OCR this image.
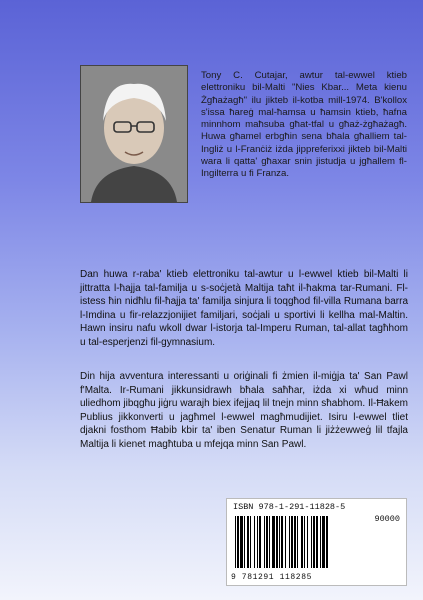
Tony C. Cutajar, awtur tal-ewwel ktieb elettroniku bil-Malti "Nies Kbar... Meta kienu Żgħażagħ" ilu jikteb il-kotba mill-1974. B'kollox s'issa ħareġ mal-ħamsa u ħamsin ktieb, ħafna minnhom maħsuba għat-tfal u għaż-żgħażagħ. Huwa għamel erbgħin sena bħala għalliem tal-Ingliż u l-Franċiż iżda jippreferixxi jikteb bil-Malti wara li qatta' għaxar snin jistudja u jgħallem fl-Ingilterra u fi Franza.
Dan huwa r-raba' ktieb elettroniku tal-awtur u l-ewwel ktieb bil-Malti li jittratta l-ħajja tal-familja u s-soċjetà Maltija taħt il-ħakma tar-Rumani. Fl-istess ħin nidħlu fil-ħajja ta' familja sinjura li toqgħod fil-villa Rumana barra l-Imdina u fir-relazzjonijiet familjari, soċjali u sportivi li kellha mal-Maltin. Hawn insiru nafu wkoll dwar l-istorja tal-Imperu Ruman, tal-allat tagħhom u tal-esperjenzi fil-gymnasium.
Din hija avventura interessanti u oriġinali fi żmien il-miġja ta' San Pawl f'Malta. Ir-Rumani jikkunsidrawh bħala saħħar, iżda xi wħud minn uliedhom jibqgħu jiġru warajh biex ifejjaq lil tnejn minn sħabhom. Il-Ħakem Publius jikkonverti u jagħmel l-ewwel magħmudijiet. Isiru l-ewwel tliet djakni fosthom Ħabib kbir ta' iben Senatur Ruman li jiżżewweġ lil tfajla Maltija li kienet magħtuba u mfejqa minn San Pawl.
ISBN 978-1-291-11828-5
90000
9 781291 118285
